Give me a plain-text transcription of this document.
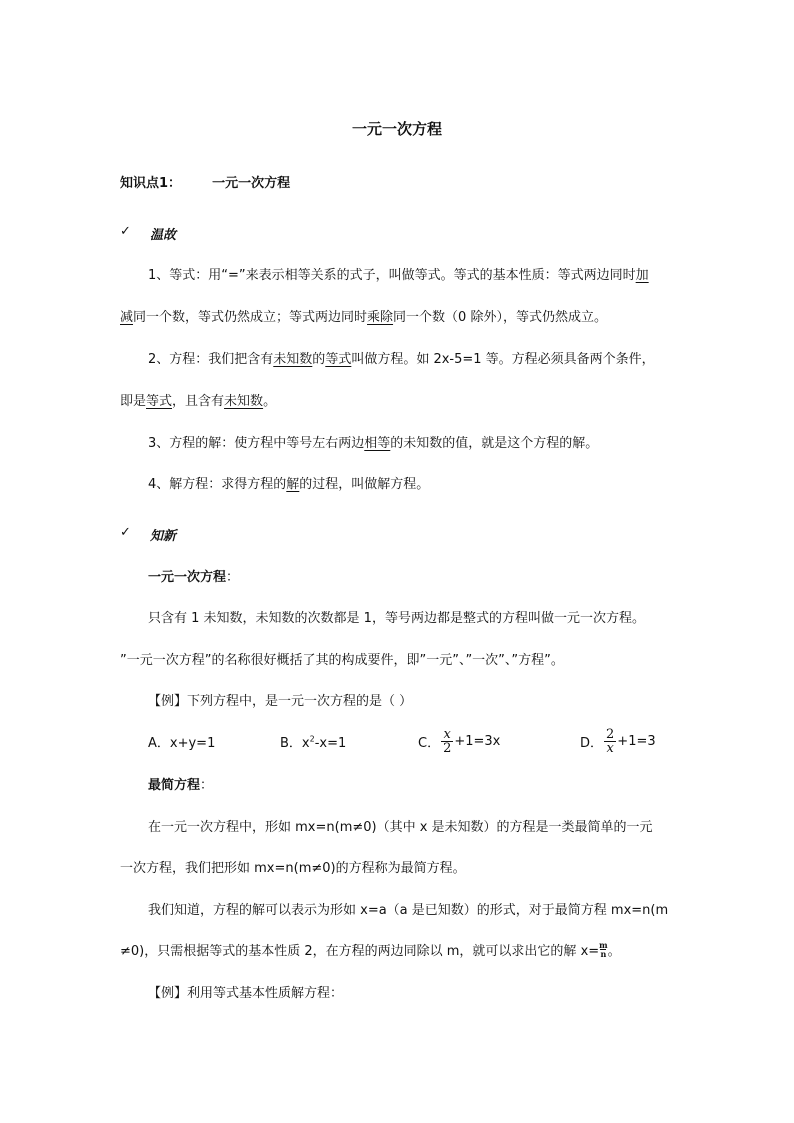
一元一次方程
知识点1： 一元一次方程
✓ 温故
1、等式：用“=”来表示相等关系的式子，叫做等式。等式的基本性质：等式两边同时加
减同一个数，等式仍然成立；等式两边同时乘除同一个数（0 除外），等式仍然成立。
2、方程：我们把含有未知数的等式叫做方程。如 2x-5=1 等。方程必须具备两个条件，
即是等式，且含有未知数。
3、方程的解：使方程中等号左右两边相等的未知数的值，就是这个方程的解。
4、解方程：求得方程的解的过程，叫做解方程。
✓ 知新
一元一次方程：
只含有 1 未知数，未知数的次数都是 1，等号两边都是整式的方程叫做一元一次方程。
”一元一次方程”的名称很好概括了其的构成要件，即”一元”、”一次”、”方程”。
【例】下列方程中，是一元一次方程的是（ ）
A．x+y=1	B．$x^2-x=1$	C． $\frac{x}{2} +1=3x$	D． $\frac{2}{x} +1=3$
最简方程：
在一元一次方程中，形如 mx=n(m≠0)（其中 x 是未知数）的方程是一类最简单的一元
一次方程，我们把形如 mx=n(m≠0)的方程称为最简方程。
我们知道，方程的解可以表示为形如 x=a（a 是已知数）的形式，对于最简方程 mx=n(m
≠0)，只需根据等式的基本性质 2，在方程的两边同除以 m，就可以求出它的解 $x= \frac{m}{n}$ 。
【例】利用等式基本性质解方程：
